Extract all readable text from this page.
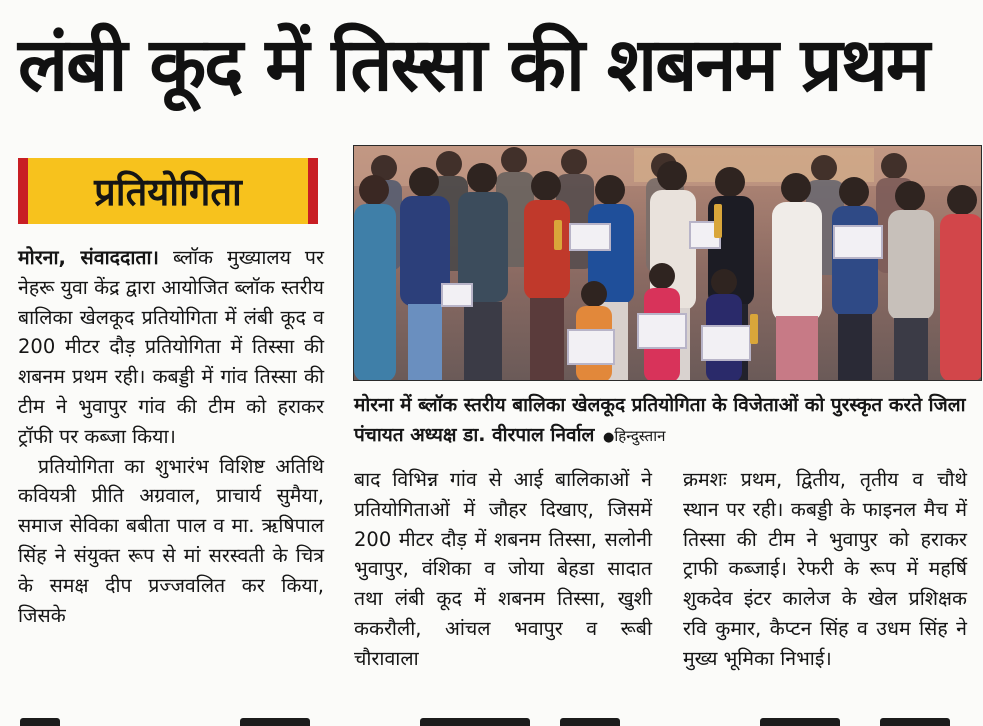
लंबी कूद में तिस्सा की शबनम प्रथम
प्रतियोगिता

मोरना, संवाददाता। ब्लॉक मुख्यालय पर नेहरू युवा केंद्र द्वारा आयोजित ब्लॉक स्तरीय बालिका खेलकूद प्रतियोगिता में लंबी कूद व 200 मीटर दौड़ प्रतियोगिता में तिस्सा की शबनम प्रथम रही। कबड्डी में गांव तिस्सा की टीम ने भुवापुर गांव की टीम को हराकर ट्रॉफी पर कब्जा किया।

प्रतियोगिता का शुभारंभ विशिष्ट अतिथि कवियत्री प्रीति अग्रवाल, प्राचार्य सुमैया, समाज सेविका बबीता पाल व मा. ऋषिपाल सिंह ने संयुक्त रूप से मां सरस्वती के चित्र के समक्ष दीप प्रज्जवलित कर किया, जिसके

मोरना में ब्लॉक स्तरीय बालिका खेलकूद प्रतियोगिता के विजेताओं को पुरस्कृत करते जिला पंचायत अध्यक्ष डा. वीरपाल निर्वाल ●हिन्दुस्तान

बाद विभिन्न गांव से आई बालिकाओं ने प्रतियोगिताओं में जौहर दिखाए, जिसमें 200 मीटर दौड़ में शबनम तिस्सा, सलोनी भुवापुर, वंशिका व जोया बेहडा सादात तथा लंबी कूद में शबनम तिस्सा, खुशी ककरौली, आंचल भवापुर व रूबी चौरावाला

क्रमशः प्रथम, द्वितीय, तृतीय व चौथे स्थान पर रही। कबड्डी के फाइनल मैच में तिस्सा की टीम ने भुवापुर को हराकर ट्राफी कब्जाई। रेफरी के रूप में महर्षि शुकदेव इंटर कालेज के खेल प्रशिक्षक रवि कुमार, कैप्टन सिंह व उधम सिंह ने मुख्य भूमिका निभाई।
